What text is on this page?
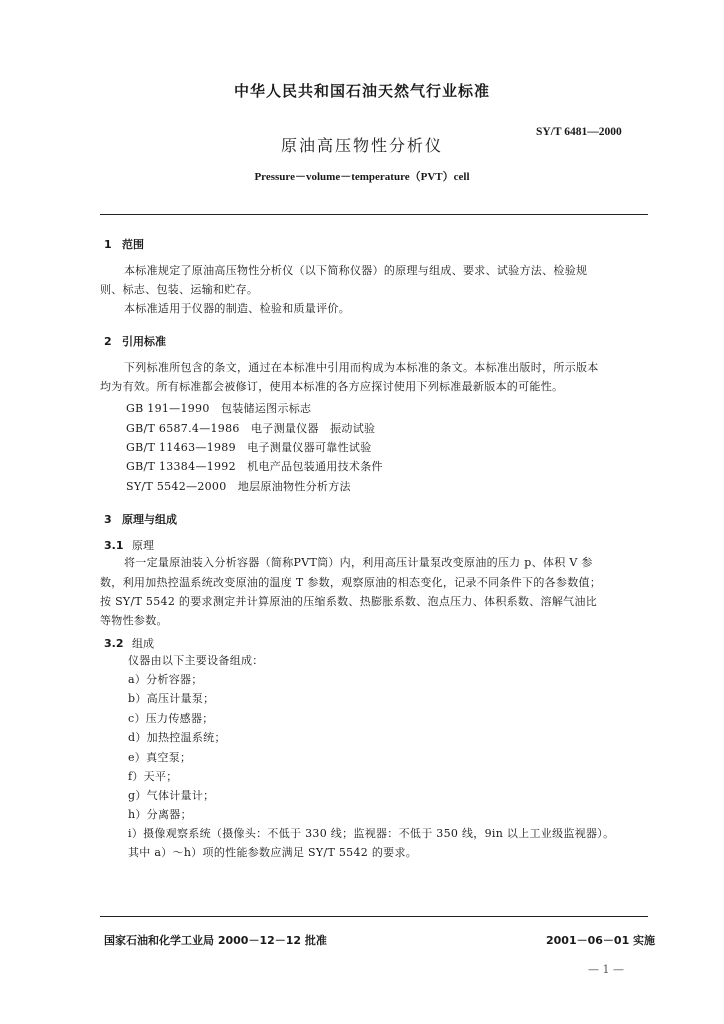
中华人民共和国石油天然气行业标准
SY/T 6481—2000
原油高压物性分析仪
Pressure－volume－temperature（PVT）cell
1 范围
本标准规定了原油高压物性分析仪（以下简称仪器）的原理与组成、要求、试验方法、检验规
则、标志、包装、运输和贮存。
本标准适用于仪器的制造、检验和质量评价。
2 引用标准
下列标准所包含的条文，通过在本标准中引用而构成为本标准的条文。本标准出版时，所示版本
均为有效。所有标准都会被修订，使用本标准的各方应探讨使用下列标准最新版本的可能性。
GB 191—1990　包装储运图示标志
GB/T 6587.4—1986　电子测量仪器　振动试验
GB/T 11463—1989　电子测量仪器可靠性试验
GB/T 13384—1992　机电产品包装通用技术条件
SY/T 5542—2000　地层原油物性分析方法
3 原理与组成
3.1 原理
将一定量原油装入分析容器（简称PVT筒）内，利用高压计量泵改变原油的压力 p、体积 V 参
数，利用加热控温系统改变原油的温度 T 参数，观察原油的相态变化，记录不同条件下的各参数值；
按 SY/T 5542 的要求测定并计算原油的压缩系数、热膨胀系数、泡点压力、体积系数、溶解气油比
等物性参数。
3.2 组成
仪器由以下主要设备组成：
a）分析容器；
b）高压计量泵；
c）压力传感器；
d）加热控温系统；
e）真空泵；
f）天平；
g）气体计量计；
h）分离器；
i）摄像观察系统（摄像头：不低于 330 线；监视器：不低于 350 线，9in 以上工业级监视器）。
其中 a）～h）项的性能参数应满足 SY/T 5542 的要求。
国家石油和化学工业局 2000－12－12 批准	2001－06－01 实施
— 1 —
